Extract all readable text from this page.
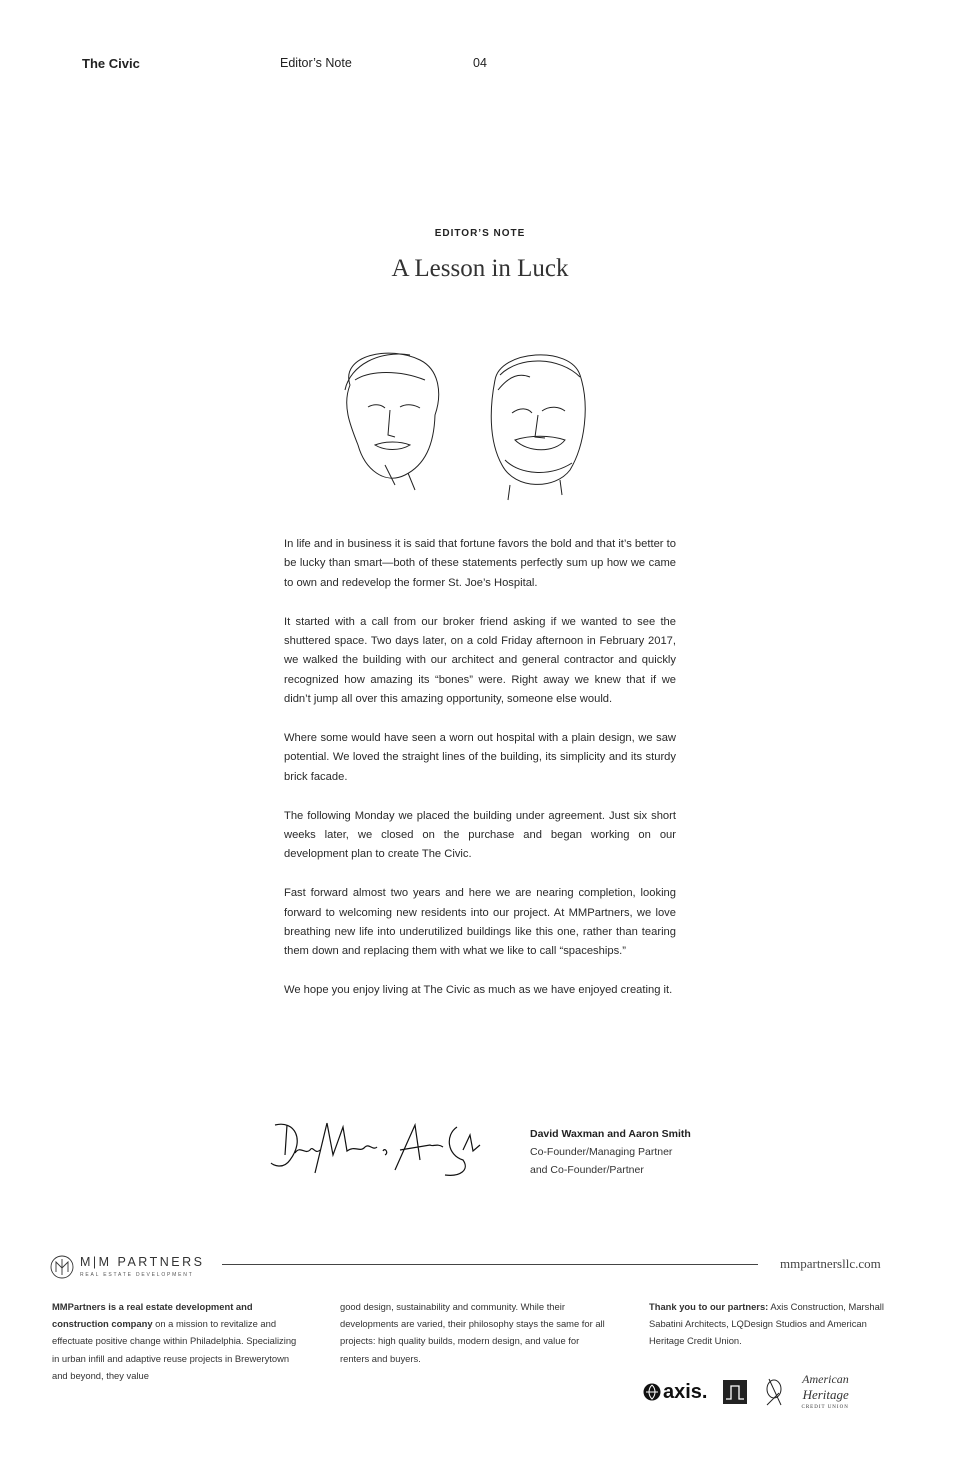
The Civic	Editor’s Note	04
EDITOR’S NOTE
A Lesson in Luck

In life and in business it is said that fortune favors the bold and that it’s better to be lucky than smart—both of these statements perfectly sum up how we came to own and redevelop the former St. Joe’s Hospital.

It started with a call from our broker friend asking if we wanted to see the shuttered space. Two days later, on a cold Friday afternoon in February 2017, we walked the building with our architect and general contractor and quickly recognized how amazing its “bones” were. Right away we knew that if we didn’t jump all over this amazing opportunity, someone else would.

Where some would have seen a worn out hospital with a plain design, we saw potential. We loved the straight lines of the building, its simplicity and its sturdy brick facade.

The following Monday we placed the building under agreement. Just six short weeks later, we closed on the purchase and began working on our development plan to create The Civic.

Fast forward almost two years and here we are nearing completion, looking forward to welcoming new residents into our project. At MMPartners, we love breathing new life into underutilized buildings like this one, rather than tearing them down and replacing them with what we like to call “spaceships.”

We hope you enjoy living at The Civic as much as we have enjoyed creating it.

David Waxman and Aaron Smith
Co-Founder/Managing Partner
and Co-Founder/Partner
M|M PARTNERS
REAL ESTATE DEVELOPMENT
mmpartnersllc.com
MMPartners is a real estate development and construction company on a mission to revitalize and effectuate positive change within Philadelphia. Specializing in urban infill and adaptive reuse projects in Brewerytown and beyond, they value
good design, sustainability and community. While their developments are varied, their philosophy stays the same for all projects: high quality builds, modern design, and value for renters and buyers.
Thank you to our partners: Axis Construction, Marshall Sabatini Architects, LQDesign Studios and American Heritage Credit Union.
axis.
American
Heritage
CREDIT UNION
